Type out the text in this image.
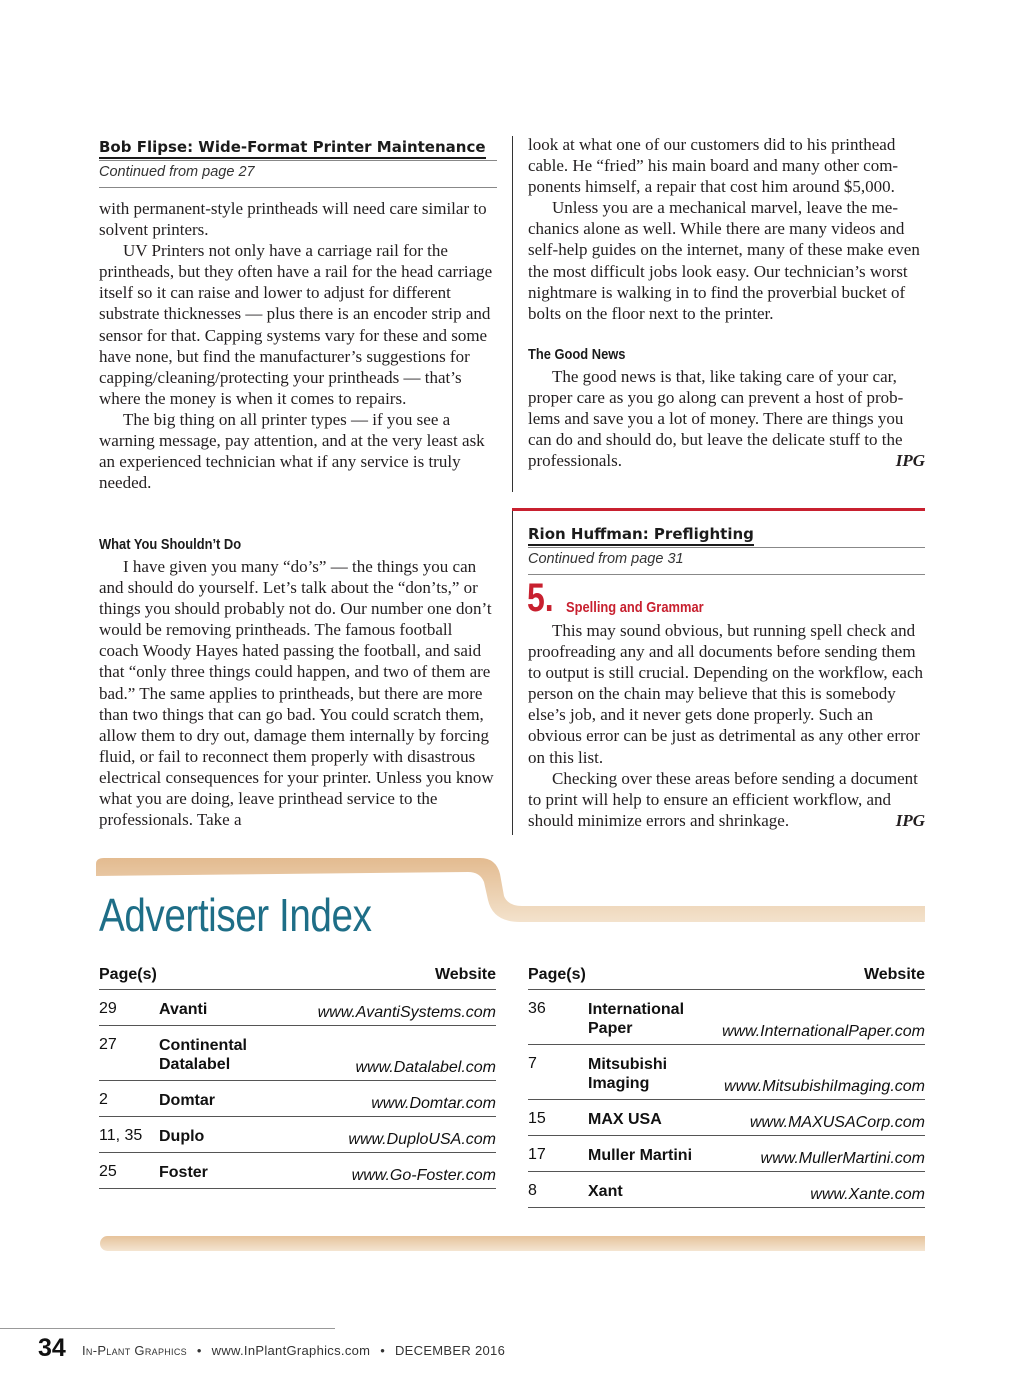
Bob Flipse: Wide-Format Printer Maintenance
Continued from page 27

with permanent-style printheads will need care similar to solvent printers.

UV Printers not only have a carriage rail for the printheads, but they often have a rail for the head carriage itself so it can raise and lower to adjust for different substrate thicknesses — plus there is an encoder strip and sensor for that. Capping systems vary for these and some have none, but find the manufacturer’s suggestions for capping/cleaning/protecting your printheads — that’s where the money is when it comes to repairs.

The big thing on all printer types — if you see a warning message, pay attention, and at the very least ask an experienced technician what if any service is truly needed.

What You Shouldn’t Do

I have given you many “do’s” — the things you can and should do yourself. Let’s talk about the “don’ts,” or things you should probably not do. Our number one don’t would be removing printheads. The famous football coach Woody Hayes hated passing the football, and said that “only three things could happen, and two of them are bad.” The same applies to printheads, but there are more than two things that can go bad. You could scratch them, allow them to dry out, damage them internally by forcing fluid, or fail to reconnect them properly with disastrous electrical consequences for your printer. Unless you know what you are doing, leave printhead service to the professionals. Take a

look at what one of our customers did to his printhead cable. He “fried” his main board and many other components himself, a repair that cost him around $5,000.

Unless you are a mechanical marvel, leave the mechanics alone as well. While there are many videos and self-help guides on the internet, many of these make even the most difficult jobs look easy. Our technician’s worst nightmare is walking in to find the proverbial bucket of bolts on the floor next to the printer.

The Good News

The good news is that, like taking care of your car, proper care as you go along can prevent a host of problems and save you a lot of money. There are things you can do and should do, but leave the delicate stuff to the professionals.	IPG

Rion Huffman: Preflighting
Continued from page 31
5. Spelling and Grammar

This may sound obvious, but running spell check and proofreading any and all documents before sending them to output is still crucial. Depending on the workflow, each person on the chain may believe that this is somebody else’s job, and it never gets done properly. Such an obvious error can be just as detrimental as any other error on this list.

Checking over these areas before sending a document to print will help to ensure an efficient workflow, and should minimize errors and shrinkage.	IPG

Advertiser Index
Page(s)	Website
29	Avanti	www.AvantiSystems.com
27	Continental Datalabel	www.Datalabel.com
2	Domtar	www.Domtar.com
11, 35 Duplo	www.DuploUSA.com
25	Foster	www.Go-Foster.com
Page(s)	Website
36	International Paper	www.InternationalPaper.com
7	Mitsubishi Imaging	www.MitsubishiImaging.com
15	MAX USA	www.MAXUSACorp.com
17	Muller Martini	www.MullerMartini.com
8	Xant	www.Xante.com
34 In-Plant Graphics • www.InPlantGraphics.com • DECEMBER 2016
